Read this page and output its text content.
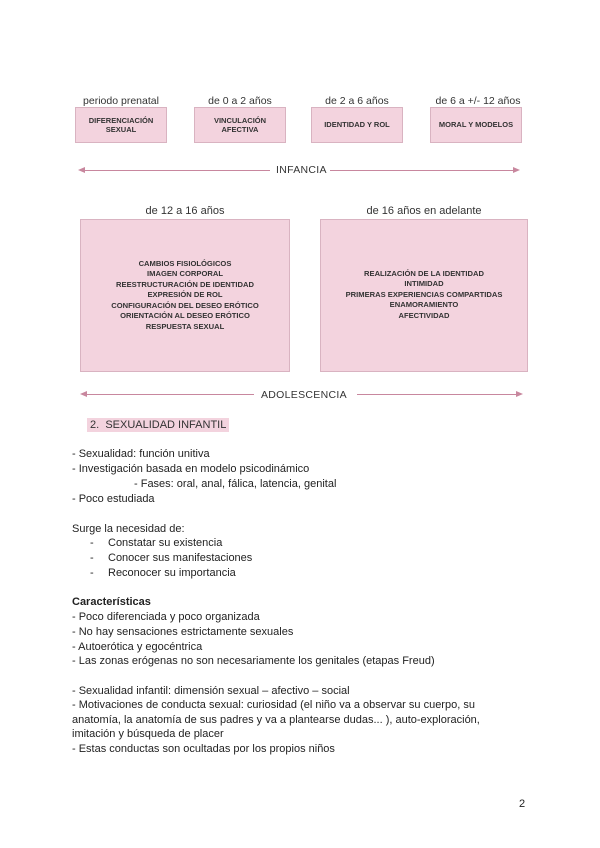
periodo prenatal	de 0 a 2 años	de 2 a 6 años	de 6 a +/- 12 años
DIFERENCIACIÓN
SEXUAL
VINCULACIÓN
AFECTIVA
IDENTIDAD Y ROL	MORAL Y MODELOS
INFANCIA
de 12 a 16 años	de 16 años en adelante
CAMBIOS FISIOLÓGICOS
IMAGEN CORPORAL
REESTRUCTURACIÓN DE IDENTIDAD
EXPRESIÓN DE ROL
CONFIGURACIÓN DEL DESEO ERÓTICO
ORIENTACIÓN AL DESEO ERÓTICO
RESPUESTA SEXUAL
REALIZACIÓN DE LA IDENTIDAD
INTIMIDAD
PRIMERAS EXPERIENCIAS COMPARTIDAS
ENAMORAMIENTO
AFECTIVIDAD
ADOLESCENCIA
2. SEXUALIDAD INFANTIL
- Sexualidad: función unitiva
- Investigación basada en modelo psicodinámico
- Fases: oral, anal, fálica, latencia, genital
- Poco estudiada
Surge la necesidad de:
- Constatar su existencia
- Conocer sus manifestaciones
- Reconocer su importancia
Características
- Poco diferenciada y poco organizada
- No hay sensaciones estrictamente sexuales
- Autoerótica y egocéntrica
- Las zonas erógenas no son necesariamente los genitales (etapas Freud)
- Sexualidad infantil: dimensión sexual – afectivo – social
- Motivaciones de conducta sexual: curiosidad (el niño va a observar su cuerpo, su
anatomía, la anatomía de sus padres y va a plantearse dudas... ), auto-exploración,
imitación y búsqueda de placer
- Estas conductas son ocultadas por los propios niños
2
